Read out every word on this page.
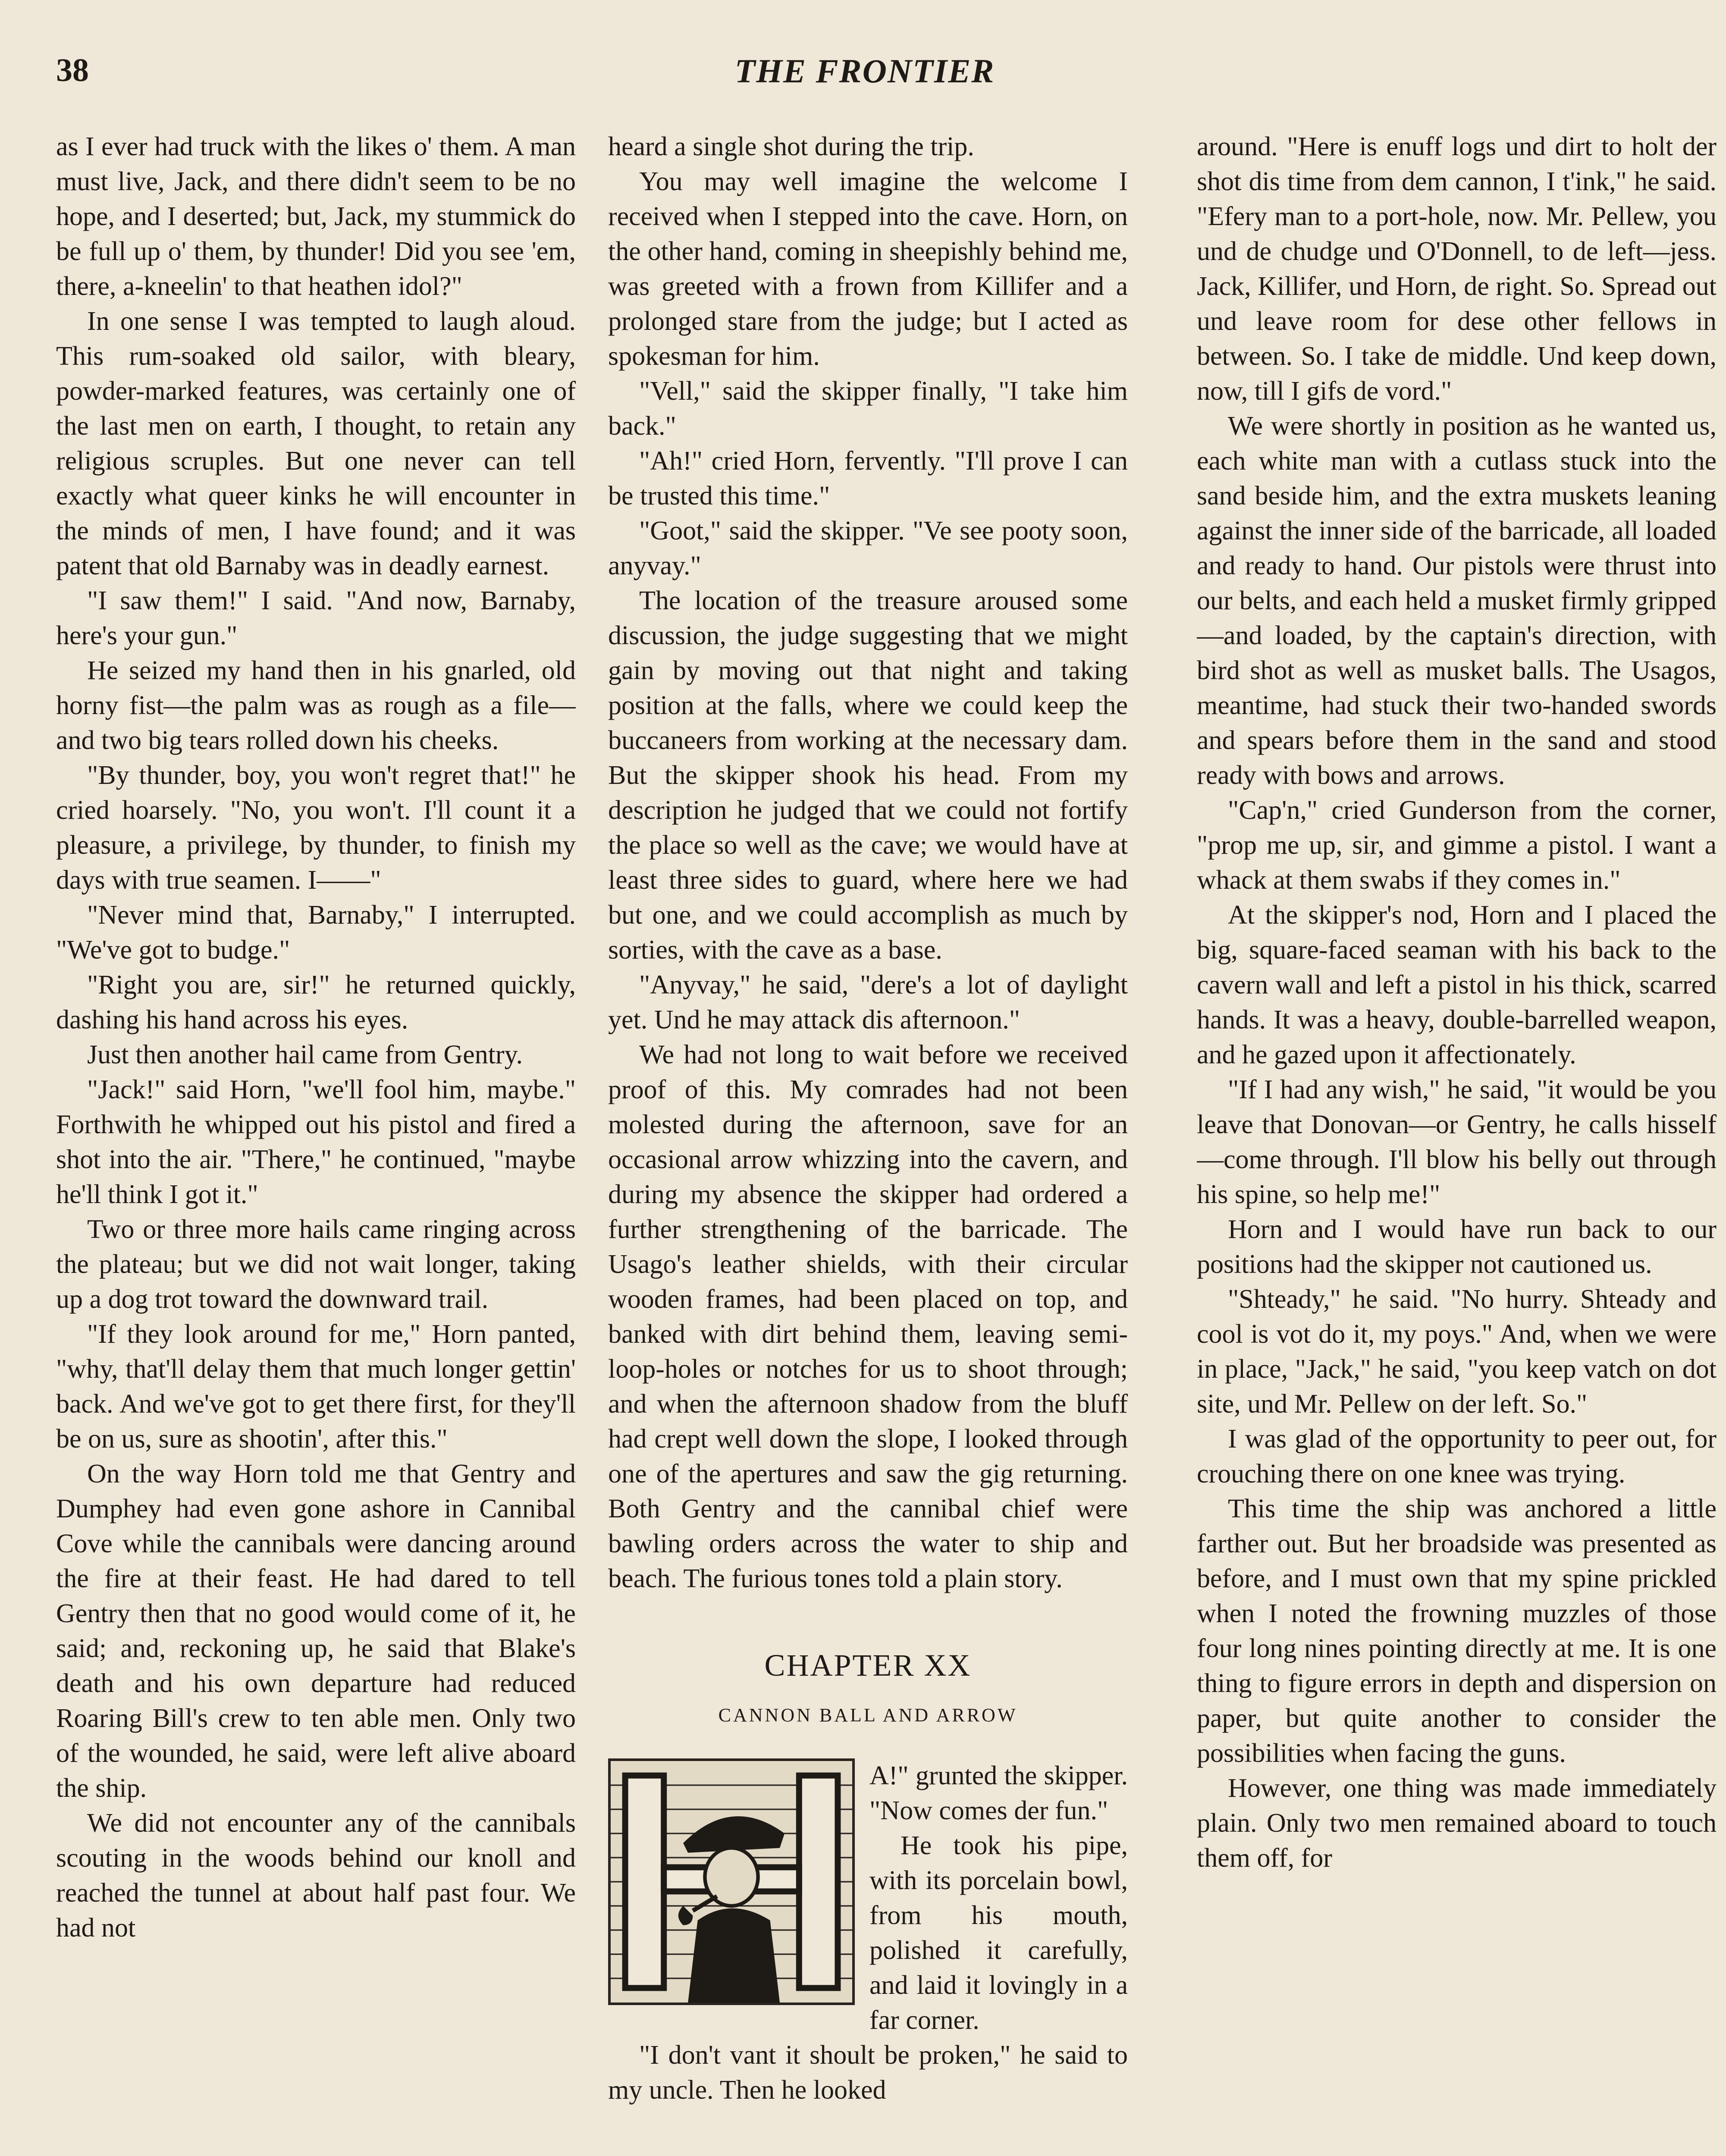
38	THE FRONTIER

as I ever had truck with the likes o' them. A man must live, Jack, and there didn't seem to be no hope, and I deserted; but, Jack, my stummick do be full up o' them, by thunder! Did you see 'em, there, a-kneelin' to that heathen idol?"

In one sense I was tempted to laugh aloud. This rum-soaked old sailor, with bleary, powder-marked features, was certainly one of the last men on earth, I thought, to retain any religious scruples. But one never can tell exactly what queer kinks he will encounter in the minds of men, I have found; and it was patent that old Barnaby was in deadly earnest.

"I saw them!" I said. "And now, Barnaby, here's your gun."

He seized my hand then in his gnarled, old horny fist—the palm was as rough as a file—and two big tears rolled down his cheeks.

"By thunder, boy, you won't regret that!" he cried hoarsely. "No, you won't. I'll count it a pleasure, a privilege, by thunder, to finish my days with true seamen. I——"

"Never mind that, Barnaby," I interrupted. "We've got to budge."

"Right you are, sir!" he returned quickly, dashing his hand across his eyes.

Just then another hail came from Gentry.

"Jack!" said Horn, "we'll fool him, maybe." Forthwith he whipped out his pistol and fired a shot into the air. "There," he continued, "maybe he'll think I got it."

Two or three more hails came ringing across the plateau; but we did not wait longer, taking up a dog trot toward the downward trail.

"If they look around for me," Horn panted, "why, that'll delay them that much longer gettin' back. And we've got to get there first, for they'll be on us, sure as shootin', after this."

On the way Horn told me that Gentry and Dumphey had even gone ashore in Cannibal Cove while the cannibals were dancing around the fire at their feast. He had dared to tell Gentry then that no good would come of it, he said; and, reckoning up, he said that Blake's death and his own departure had reduced Roaring Bill's crew to ten able men. Only two of the wounded, he said, were left alive aboard the ship.

We did not encounter any of the cannibals scouting in the woods behind our knoll and reached the tunnel at about half past four. We had not

heard a single shot during the trip.

You may well imagine the welcome I received when I stepped into the cave. Horn, on the other hand, coming in sheepishly behind me, was greeted with a frown from Killifer and a prolonged stare from the judge; but I acted as spokesman for him.

"Vell," said the skipper finally, "I take him back."

"Ah!" cried Horn, fervently. "I'll prove I can be trusted this time."

"Goot," said the skipper. "Ve see pooty soon, anyvay."

The location of the treasure aroused some discussion, the judge suggesting that we might gain by moving out that night and taking position at the falls, where we could keep the buccaneers from working at the necessary dam. But the skipper shook his head. From my description he judged that we could not fortify the place so well as the cave; we would have at least three sides to guard, where here we had but one, and we could accomplish as much by sorties, with the cave as a base.

"Anyvay," he said, "dere's a lot of daylight yet. Und he may attack dis afternoon."

We had not long to wait before we received proof of this. My comrades had not been molested during the afternoon, save for an occasional arrow whizzing into the cavern, and during my absence the skipper had ordered a further strengthening of the barricade. The Usago's leather shields, with their circular wooden frames, had been placed on top, and banked with dirt behind them, leaving semi-loop-holes or notches for us to shoot through; and when the afternoon shadow from the bluff had crept well down the slope, I looked through one of the apertures and saw the gig returning. Both Gentry and the cannibal chief were bawling orders across the water to ship and beach. The furious tones told a plain story.

CHAPTER XX
CANNON BALL AND ARROW

A!" grunted the skipper. "Now comes der fun."

He took his pipe, with its porcelain bowl, from his mouth, polished it carefully, and laid it lovingly in a far corner.

"I don't vant it shoult be proken," he said to my uncle. Then he looked

around. "Here is enuff logs und dirt to holt der shot dis time from dem cannon, I t'ink," he said. "Efery man to a port-hole, now. Mr. Pellew, you und de chudge und O'Donnell, to de left—jess. Jack, Killifer, und Horn, de right. So. Spread out und leave room for dese other fellows in between. So. I take de middle. Und keep down, now, till I gifs de vord."

We were shortly in position as he wanted us, each white man with a cutlass stuck into the sand beside him, and the extra muskets leaning against the inner side of the barricade, all loaded and ready to hand. Our pistols were thrust into our belts, and each held a musket firmly gripped—and loaded, by the captain's direction, with bird shot as well as musket balls. The Usagos, meantime, had stuck their two-handed swords and spears before them in the sand and stood ready with bows and arrows.

"Cap'n," cried Gunderson from the corner, "prop me up, sir, and gimme a pistol. I want a whack at them swabs if they comes in."

At the skipper's nod, Horn and I placed the big, square-faced seaman with his back to the cavern wall and left a pistol in his thick, scarred hands. It was a heavy, double-barrelled weapon, and he gazed upon it affectionately.

"If I had any wish," he said, "it would be you leave that Donovan—or Gentry, he calls hisself—come through. I'll blow his belly out through his spine, so help me!"

Horn and I would have run back to our positions had the skipper not cautioned us.

"Shteady," he said. "No hurry. Shteady and cool is vot do it, my poys." And, when we were in place, "Jack," he said, "you keep vatch on dot site, und Mr. Pellew on der left. So."

I was glad of the opportunity to peer out, for crouching there on one knee was trying.

This time the ship was anchored a little farther out. But her broadside was presented as before, and I must own that my spine prickled when I noted the frowning muzzles of those four long nines pointing directly at me. It is one thing to figure errors in depth and dispersion on paper, but quite another to consider the possibilities when facing the guns.

However, one thing was made immediately plain. Only two men remained aboard to touch them off, for
